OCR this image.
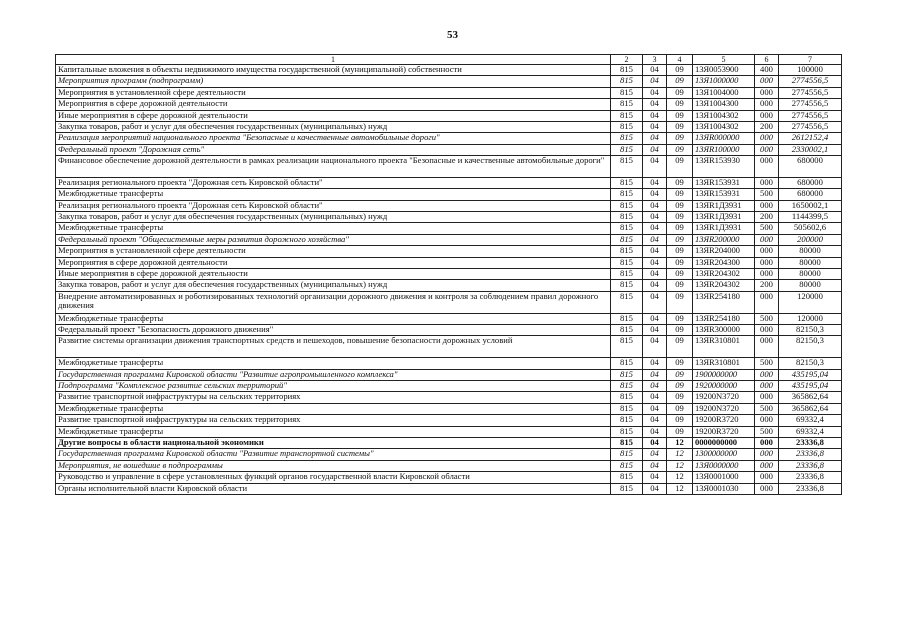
53
1	2	3	4	5	6	7
Капитальные вложения в объекты недвижимого имущества государственной (муниципальной) собственности	815	04	09	13Я0053900	400	100000
Мероприятия программ (подпрограмм)	815	04	09	13Я1000000	000	2774556,5
Мероприятия в установленной сфере деятельности	815	04	09	13Я1004000	000	2774556,5
Мероприятия в сфере дорожной деятельности	815	04	09	13Я1004300	000	2774556,5
Иные мероприятия в сфере дорожной деятельности	815	04	09	13Я1004302	000	2774556,5
Закупка товаров, работ и услуг для обеспечения государственных (муниципальных) нужд	815	04	09	13Я1004302	200	2774556,5
Реализация мероприятий национального проекта "Безопасные и качественные автомобильные дороги"	815	04	09	13ЯR000000	000	2612152,4
Федеральный проект "Дорожная сеть"	815	04	09	13ЯR100000	000	2330002,1
Финансовое обеспечение дорожной деятельности в рамках реализации национального проекта "Безопасные и качественные автомобильные дороги"	815	04	09	13ЯR153930	000	680000
Реализация регионального проекта "Дорожная сеть Кировской области"	815	04	09	13ЯR153931	000	680000
Межбюджетные трансферты	815	04	09	13ЯR153931	500	680000
Реализация регионального проекта "Дорожная сеть Кировской области"	815	04	09	13ЯR1Д3931	000	1650002,1
Закупка товаров, работ и услуг для обеспечения государственных (муниципальных) нужд	815	04	09	13ЯR1Д3931	200	1144399,5
Межбюджетные трансферты	815	04	09	13ЯR1Д3931	500	505602,6
Федеральный проект "Общесистемные меры развития дорожного хозяйства"	815	04	09	13ЯR200000	000	200000
Мероприятия в установленной сфере деятельности	815	04	09	13ЯR204000	000	80000
Мероприятия в сфере дорожной деятельности	815	04	09	13ЯR204300	000	80000
Иные мероприятия в сфере дорожной деятельности	815	04	09	13ЯR204302	000	80000
Закупка товаров, работ и услуг для обеспечения государственных (муниципальных) нужд	815	04	09	13ЯR204302	200	80000
Внедрение автоматизированных и роботизированных технологий организации дорожного движения и контроля за соблюдением правил дорожного движения	815	04	09	13ЯR254180	000	120000
Межбюджетные трансферты	815	04	09	13ЯR254180	500	120000
Федеральный проект "Безопасность дорожного движения"	815	04	09	13ЯR300000	000	82150,3
Развитие системы организации движения транспортных средств и пешеходов, повышение безопасности дорожных условий	815	04	09	13ЯR310801	000	82150,3
Межбюджетные трансферты	815	04	09	13ЯR310801	500	82150,3
Государственная программа Кировской области "Развитие агропромышленного комплекса"	815	04	09	1900000000	000	435195,04
Подпрограмма "Комплексное развитие сельских территорий"	815	04	09	1920000000	000	435195,04
Развитие транспортной инфраструктуры на сельских территориях	815	04	09	19200N3720	000	365862,64
Межбюджетные трансферты	815	04	09	19200N3720	500	365862,64
Развитие транспортной инфраструктуры на сельских территориях	815	04	09	19200R3720	000	69332,4
Межбюджетные трансферты	815	04	09	19200R3720	500	69332,4
Другие вопросы в области национальной экономики	815	04	12	0000000000	000	23336,8
Государственная программа Кировской области "Развитие транспортной системы"	815	04	12	1300000000	000	23336,8
Мероприятия, не вошедшие в подпрограммы	815	04	12	13Я0000000	000	23336,8
Руководство и управление в сфере установленных функций органов государственной власти Кировской области	815	04	12	13Я0001000	000	23336,8
Органы исполнительной власти Кировской области	815	04	12	13Я0001030	000	23336,8
